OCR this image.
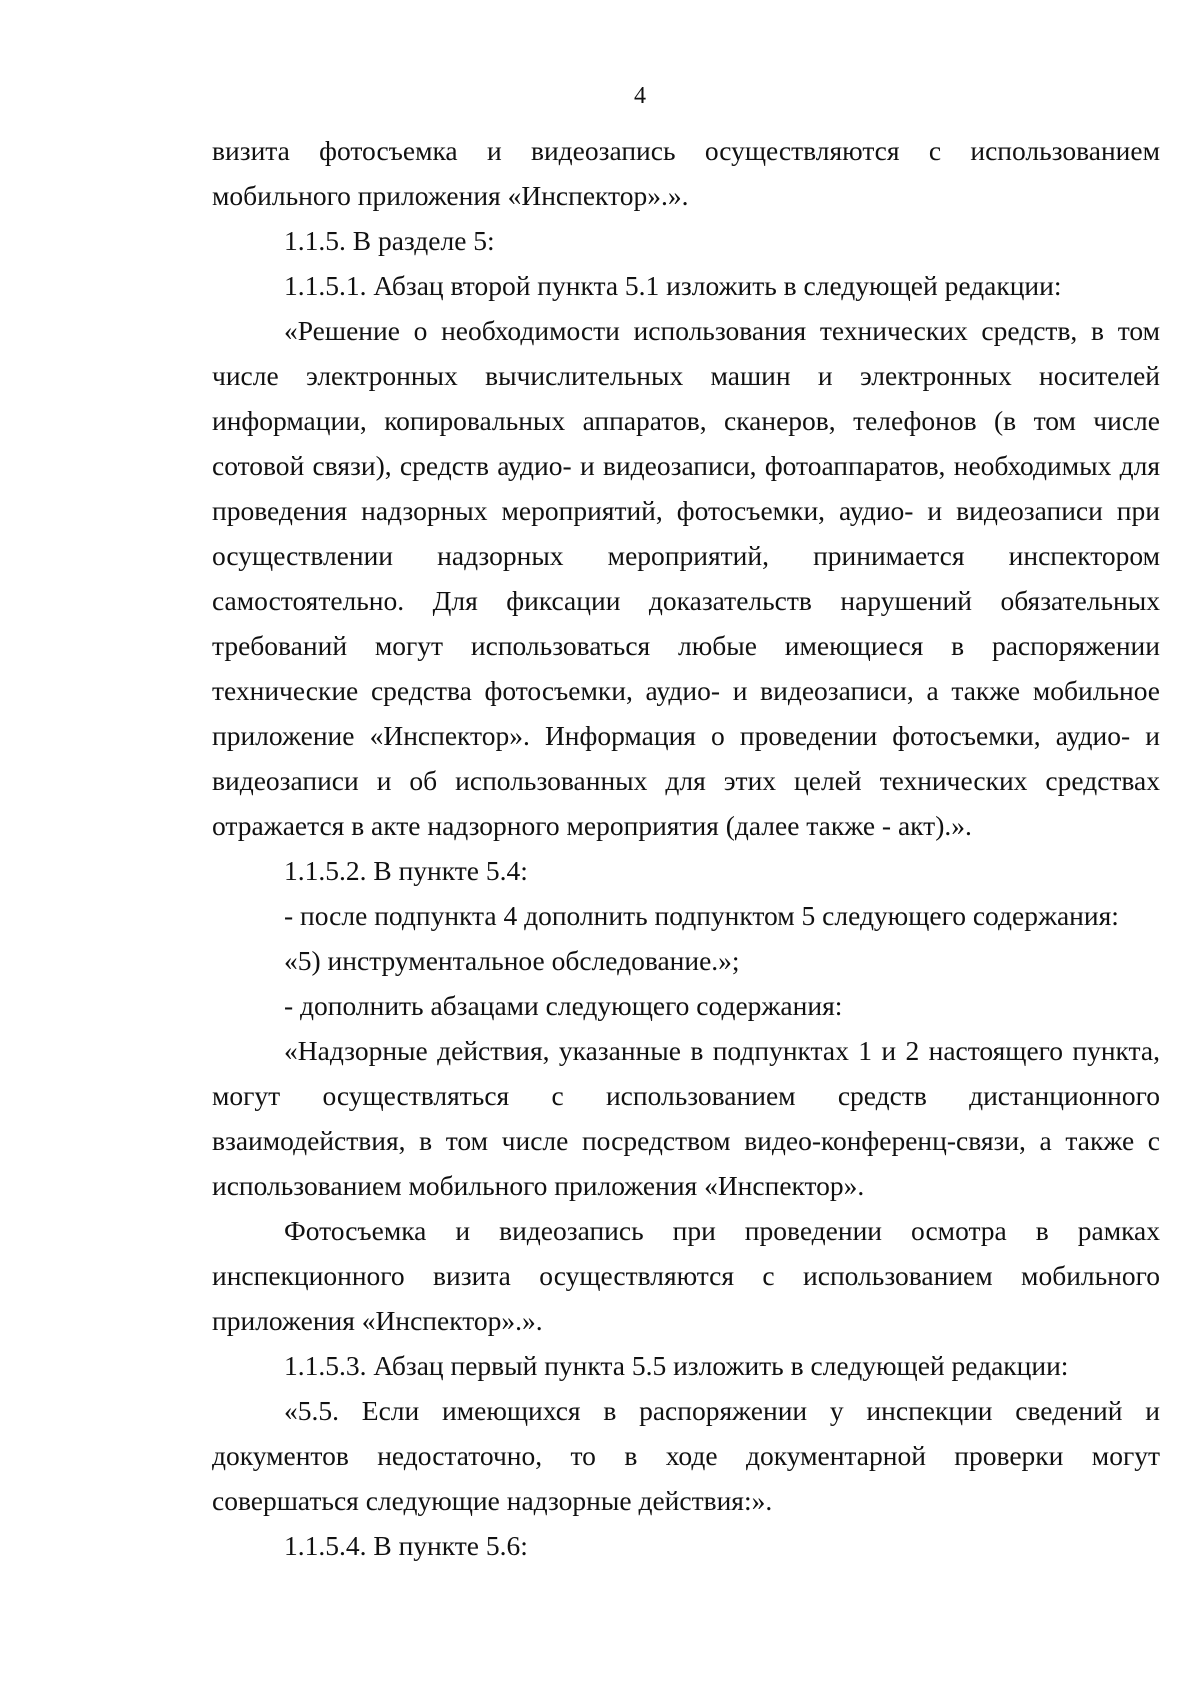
4

визита фотосъемка и видеозапись осуществляются с использованием мобильного приложения «Инспектор».».

1.1.5. В разделе 5:

1.1.5.1. Абзац второй пункта 5.1 изложить в следующей редакции:

«Решение о необходимости использования технических средств, в том числе электронных вычислительных машин и электронных носителей информации, копировальных аппаратов, сканеров, телефонов (в том числе сотовой связи), средств аудио- и видеозаписи, фотоаппаратов, необходимых для проведения надзорных мероприятий, фотосъемки, аудио- и видеозаписи при осуществлении надзорных мероприятий, принимается инспектором самостоятельно. Для фиксации доказательств нарушений обязательных требований могут использоваться любые имеющиеся в распоряжении технические средства фотосъемки, аудио- и видеозаписи, а также мобильное приложение «Инспектор». Информация о проведении фотосъемки, аудио- и видеозаписи и об использованных для этих целей технических средствах отражается в акте надзорного мероприятия (далее также - акт).».

1.1.5.2. В пункте 5.4:

- после подпункта 4 дополнить подпунктом 5 следующего содержания:

«5) инструментальное обследование.»;

- дополнить абзацами следующего содержания:

«Надзорные действия, указанные в подпунктах 1 и 2 настоящего пункта, могут осуществляться с использованием средств дистанционного взаимодействия, в том числе посредством видео-конференц-связи, а также с использованием мобильного приложения «Инспектор».

Фотосъемка и видеозапись при проведении осмотра в рамках инспекционного визита осуществляются с использованием мобильного приложения «Инспектор».».

1.1.5.3. Абзац первый пункта 5.5 изложить в следующей редакции:

«5.5. Если имеющихся в распоряжении у инспекции сведений и документов недостаточно, то в ходе документарной проверки могут совершаться следующие надзорные действия:».

1.1.5.4. В пункте 5.6:
